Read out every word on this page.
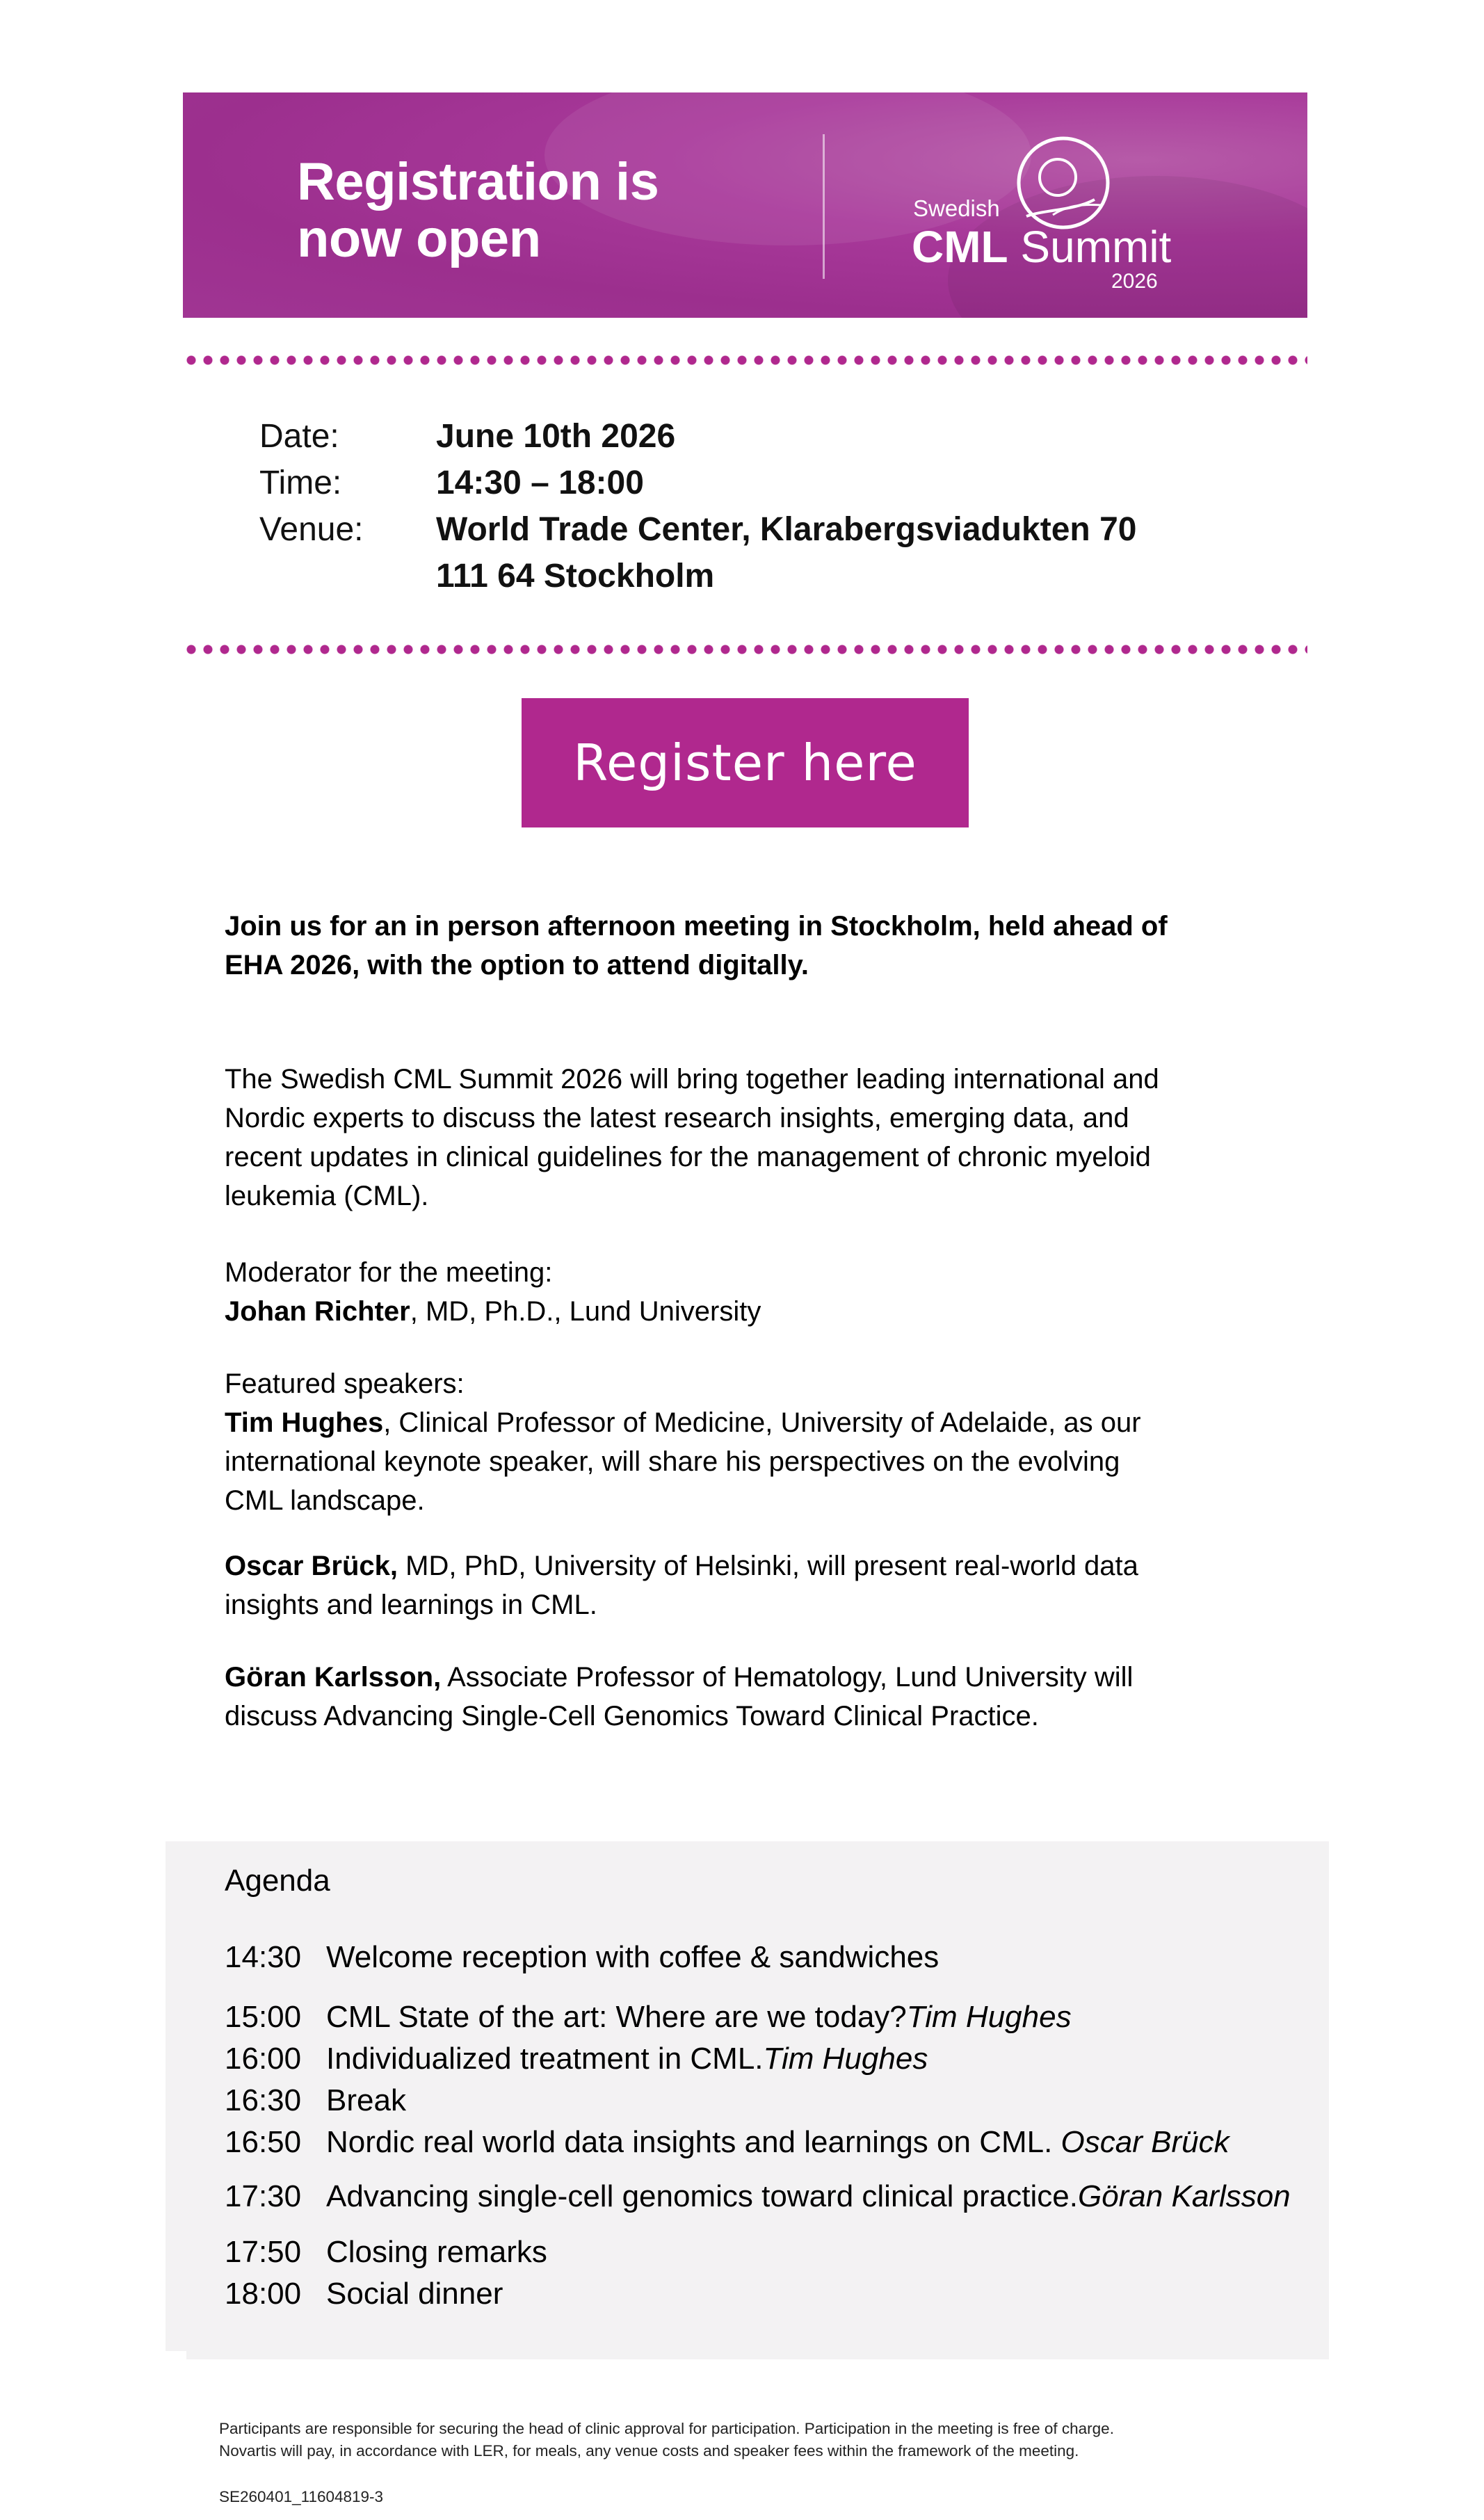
Registration is
now open
Swedish
CML Summit
2026
Date:	June 10th 2026
Time:	14:30 – 18:00
Venue:	World Trade Center, Klarabergsviadukten 70
111 64 Stockholm
Register here
Join us for an in person afternoon meeting in Stockholm, held ahead of
EHA 2026, with the option to attend digitally.
The Swedish CML Summit 2026 will bring together leading international and
Nordic experts to discuss the latest research insights, emerging data, and
recent updates in clinical guidelines for the management of chronic myeloid
leukemia (CML).
Moderator for the meeting:
Johan Richter, MD, Ph.D., Lund University
Featured speakers:
Tim Hughes, Clinical Professor of Medicine, University of Adelaide, as our
international keynote speaker, will share his perspectives on the evolving
CML landscape.
Oscar Brück, MD, PhD, University of Helsinki, will present real-world data
insights and learnings in CML.
Göran Karlsson, Associate Professor of Hematology, Lund University will
discuss Advancing Single-Cell Genomics Toward Clinical Practice.
Agenda
14:30 Welcome reception with coffee & sandwiches
15:00 CML State of the art: Where are we today?Tim Hughes
16:00 Individualized treatment in CML.Tim Hughes
16:30 Break
16:50 Nordic real world data insights and learnings on CML. Oscar Brück
17:30 Advancing single-cell genomics toward clinical practice.Göran Karlsson
17:50 Closing remarks
18:00 Social dinner
Participants are responsible for securing the head of clinic approval for participation. Participation in the meeting is free of charge.
Novartis will pay, in accordance with LER, for meals, any venue costs and speaker fees within the framework of the meeting.
SE260401_11604819-3
